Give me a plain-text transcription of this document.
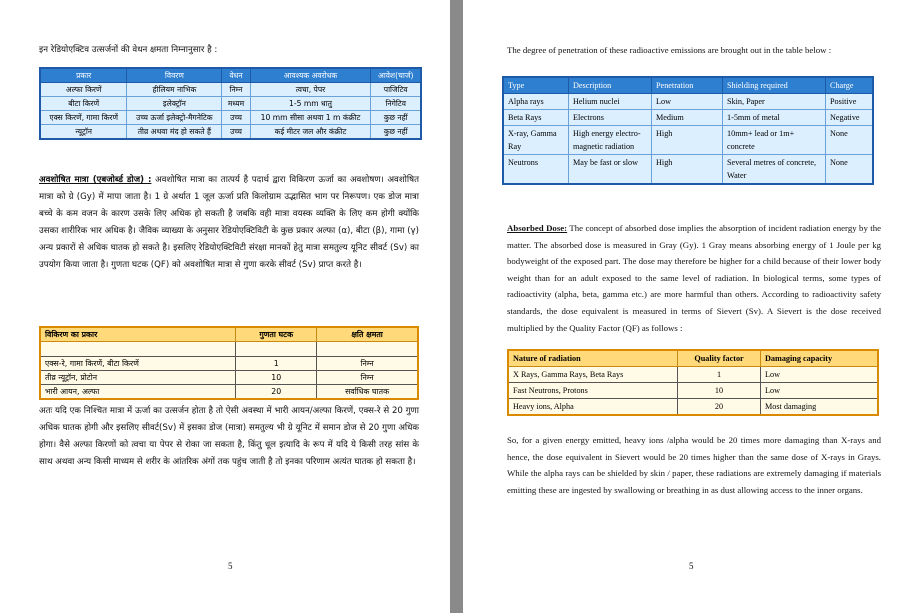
इन रेडियोएक्टिव उत्सर्जनों की वेधन क्षमता निम्नानुसार है :

प्रकार	विवरण	वेधन	आवश्यक अवरोधक	आवेश(चार्ज)
अल्फा किरणें	हीलियम नाभिक	निम्न	त्वचा, पेपर	पाजिटिव
बीटा किरणें	इलेक्ट्रॉन	मध्यम	1-5 mm धातु	निगेटिव
एक्स किरणें, गामा किरणें	उच्च ऊर्जा इलेक्ट्रो-मैगनेटिक	उच्च	10 mm सीसा अथवा 1 m कंक्रीट	कुछ नहीं
न्यूट्रॉन	तीव्र अथवा मंद हो सकते हैं	उच्च	कई मीटर जल और कंक्रीट	कुछ नहीं

अवशोषित मात्रा (एबजोर्ब्ड डोज) : अवशोषित मात्रा का तात्पर्य है पदार्थ द्वारा विकिरण ऊर्जा का अवशोषण। अवशोषित मात्रा को ग्रे (Gy) में मापा जाता है। 1 ग्रे अर्थात 1 जूल ऊर्जा प्रति किलोग्राम उद्भासित भाग पर निरूपण। एक डोज मात्रा बच्चे के कम वजन के कारण उसके लिए अधिक हो सकती है जबकि वही मात्रा वयस्क व्यक्ति के लिए कम होगी क्योंकि उसका शारीरिक भार अधिक है। जैविक व्याख्या के अनुसार रेडियोएक्टिविटी के कुछ प्रकार अल्फा (α), बीटा (β), गामा (γ) अन्य प्रकारों से अधिक घातक हो सकते है। इसलिए रेडियोएक्टिविटी संरक्षा मानकों हेतु मात्रा समतुल्य यूनिट सीवर्ट (Sv) का उपयोग किया जाता है। गुणता घटक (QF) को अवशोषित मात्रा से गुणा करके सीवर्ट (Sv) प्राप्त करते है।

विकिरण का प्रकार	गुणता घटक	क्षति क्षमता

एक्स-रे, गामा किरणें, बीटा किरणें	1	निम्न
तीव्र न्यूट्रॉन, प्रोटोन	10	निम्न
भारी आयन, अल्फा	20	सर्वाधिक घातक

अतः यदि एक निश्चित मात्रा में ऊर्जा का उत्सर्जन होता है तो ऐसी अवस्था में भारी आयन/अल्फा किरणें, एक्स-रे से 20 गुणा अधिक घातक होगी और इसलिए सीवर्ट(Sv) में इसका डोज (मात्रा) समतुल्य भी ग्रे यूनिट में समान डोज से 20 गुणा अधिक होगा। वैसे अल्फा किरणों को त्वचा या पेपर से रोका जा सकता है, किंतु धूल इत्यादि के रूप में यदि ये किसी तरह सांस के साथ अथवा अन्य किसी माध्यम से शरीर के आंतरिक अंगों तक पहुंच जाती है तो इनका परिणाम अत्यंत घातक हो सकता है।

5

The degree of penetration of these radioactive emissions are brought out in the table below :

Type	Description	Penetration	Shielding required	Charge
Alpha rays	Helium nuclei	Low	Skin, Paper	Positive
Beta Rays	Electrons	Medium	1-5mm of metal	Negative
X-ray, Gamma Ray	High energy electro-magnetic radiation	High	10mm+ lead or 1m+ concrete	None
Neutrons	May be fast or slow	High	Several metres of concrete, Water	None

Absorbed Dose: The concept of absorbed dose implies the absorption of incident radiation energy by the matter. The absorbed dose is measured in Gray (Gy). 1 Gray means absorbing energy of 1 Joule per kg bodyweight of the exposed part. The dose may therefore be higher for a child because of their lower body weight than for an adult exposed to the same level of radiation. In biological terms, some types of radioactivity (alpha, beta, gamma etc.) are more harmful than others. According to radioactivity safety standards, the dose equivalent is measured in terms of Sievert (Sv). A Sievert is the dose received multiplied by the Quality Factor (QF) as follows :

Nature of radiation	Quality factor	Damaging capacity
X Rays, Gamma Rays, Beta Rays	1	Low
Fast Neutrons, Protons	10	Low
Heavy ions, Alpha	20	Most damaging

So, for a given energy emitted, heavy ions /alpha would be 20 times more damaging than X-rays and hence, the dose equivalent in Sievert would be 20 times higher than the same dose of X-rays in Grays. While the alpha rays can be shielded by skin / paper, these radiations are extremely damaging if materials emitting these are ingested by swallowing or breathing in as dust allowing access to the inner organs.

5
